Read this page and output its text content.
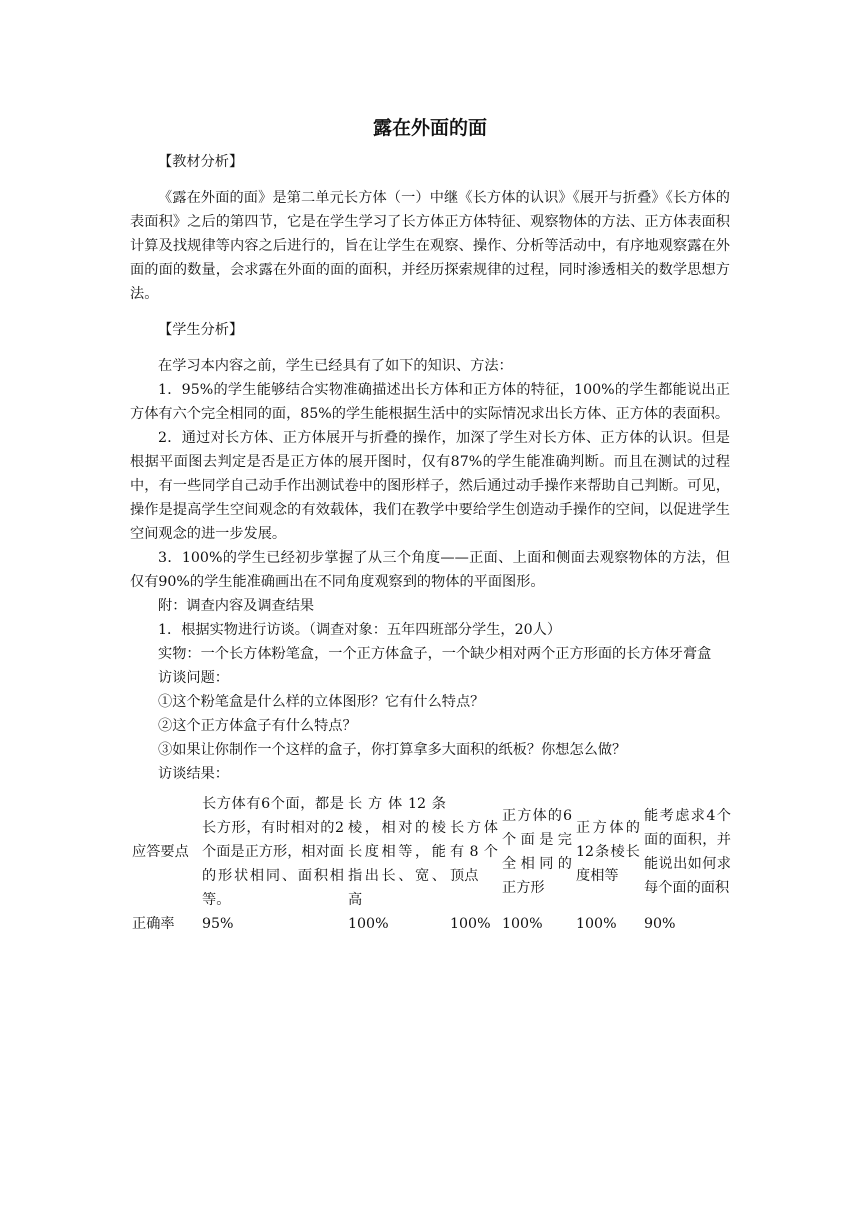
露在外面的面
【教材分析】

《露在外面的面》是第二单元长方体（一）中继《长方体的认识》《展开与折叠》《长方体的表面积》之后的第四节，它是在学生学习了长方体正方体特征、观察物体的方法、正方体表面积计算及找规律等内容之后进行的，旨在让学生在观察、操作、分析等活动中，有序地观察露在外面的面的数量，会求露在外面的面的面积，并经历探索规律的过程，同时渗透相关的数学思想方法。

【学生分析】

在学习本内容之前，学生已经具有了如下的知识、方法：

1．95%的学生能够结合实物准确描述出长方体和正方体的特征，100%的学生都能说出正方体有六个完全相同的面，85%的学生能根据生活中的实际情况求出长方体、正方体的表面积。

2．通过对长方体、正方体展开与折叠的操作，加深了学生对长方体、正方体的认识。但是根据平面图去判定是否是正方体的展开图时，仅有87%的学生能准确判断。而且在测试的过程中，有一些同学自己动手作出测试卷中的图形样子，然后通过动手操作来帮助自己判断。可见，操作是提高学生空间观念的有效载体，我们在教学中要给学生创造动手操作的空间，以促进学生空间观念的进一步发展。

3．100%的学生已经初步掌握了从三个角度——正面、上面和侧面去观察物体的方法，但仅有90%的学生能准确画出在不同角度观察到的物体的平面图形。

附：调查内容及调查结果

1．根据实物进行访谈。（调查对象：五年四班部分学生，20人）

实物：一个长方体粉笔盒，一个正方体盒子，一个缺少相对两个正方形面的长方体牙膏盒

访谈问题：

①这个粉笔盒是什么样的立体图形？它有什么特点？

②这个正方体盒子有什么特点？

③如果让你制作一个这样的盒子，你打算拿多大面积的纸板？你想怎么做？

访谈结果：

应答要点	长方体有6个面，都是长方形，有时相对的2个面是正方形，相对面的形状相同、面积相等。	长方体12条棱，相对的棱长度相等，能指出长、宽、高	长方体有8个顶点	正方体的6个面是完全相同的正方形	正方体的12条棱长度相等	能考虑求4个面的面积，并能说出如何求每个面的面积
正确率	95%	100%	100%	100%	100%	90%
